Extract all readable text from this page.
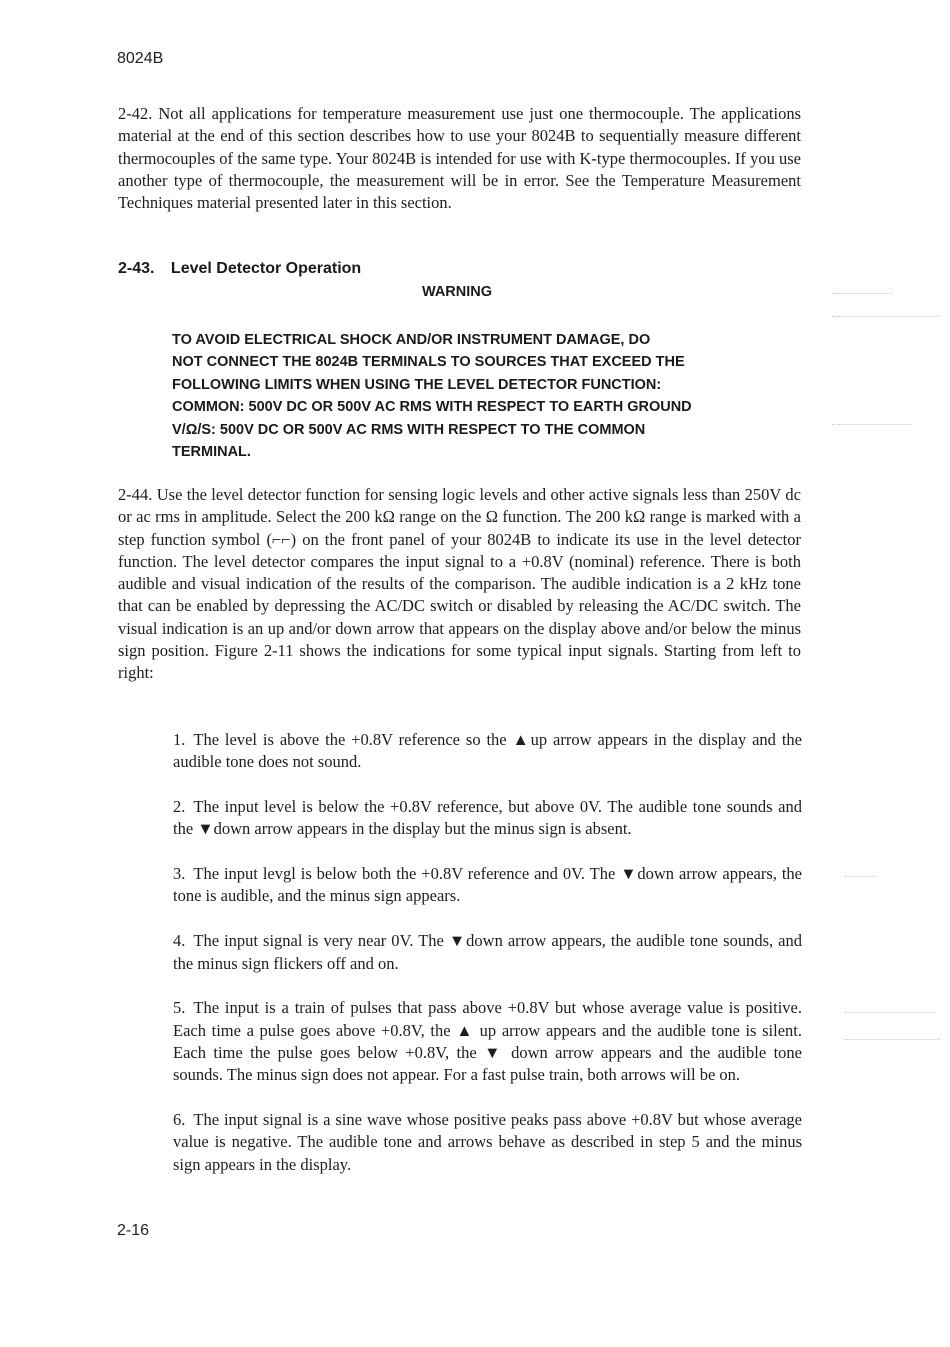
8024B

2-42. Not all applications for temperature measurement use just one thermocouple. The applications material at the end of this section describes how to use your 8024B to sequentially measure different thermocouples of the same type. Your 8024B is intended for use with K-type thermocouples. If you use another type of thermocouple, the measurement will be in error. See the Temperature Measurement Techniques material presented later in this section.

2-43. Level Detector Operation
WARNING
TO AVOID ELECTRICAL SHOCK AND/OR INSTRUMENT DAMAGE, DO
NOT CONNECT THE 8024B TERMINALS TO SOURCES THAT EXCEED THE
FOLLOWING LIMITS WHEN USING THE LEVEL DETECTOR FUNCTION:
COMMON: 500V DC OR 500V AC RMS WITH RESPECT TO EARTH GROUND
V/Ω/S: 500V DC OR 500V AC RMS WITH RESPECT TO THE COMMON
TERMINAL.

2-44. Use the level detector function for sensing logic levels and other active signals less than 250V dc or ac rms in amplitude. Select the 200 kΩ range on the Ω function. The 200 kΩ range is marked with a step function symbol (⌐⌐) on the front panel of your 8024B to indicate its use in the level detector function. The level detector compares the input signal to a +0.8V (nominal) reference. There is both audible and visual indication of the results of the comparison. The audible indication is a 2 kHz tone that can be enabled by depressing the AC/DC switch or disabled by releasing the AC/DC switch. The visual indication is an up and/or down arrow that appears on the display above and/or below the minus sign position. Figure 2-11 shows the indications for some typical input signals. Starting from left to right:

1. The level is above the +0.8V reference so the ▲up arrow appears in the display and the audible tone does not sound.
2. The input level is below the +0.8V reference, but above 0V. The audible tone sounds and the ▼down arrow appears in the display but the minus sign is absent.
3. The input levgl is below both the +0.8V reference and 0V. The ▼down arrow appears, the tone is audible, and the minus sign appears.
4. The input signal is very near 0V. The ▼down arrow appears, the audible tone sounds, and the minus sign flickers off and on.
5. The input is a train of pulses that pass above +0.8V but whose average value is positive. Each time a pulse goes above +0.8V, the ▲ up arrow appears and the audible tone is silent. Each time the pulse goes below +0.8V, the ▼ down arrow appears and the audible tone sounds. The minus sign does not appear. For a fast pulse train, both arrows will be on.
6. The input signal is a sine wave whose positive peaks pass above +0.8V but whose average value is negative. The audible tone and arrows behave as described in step 5 and the minus sign appears in the display.
2-16
